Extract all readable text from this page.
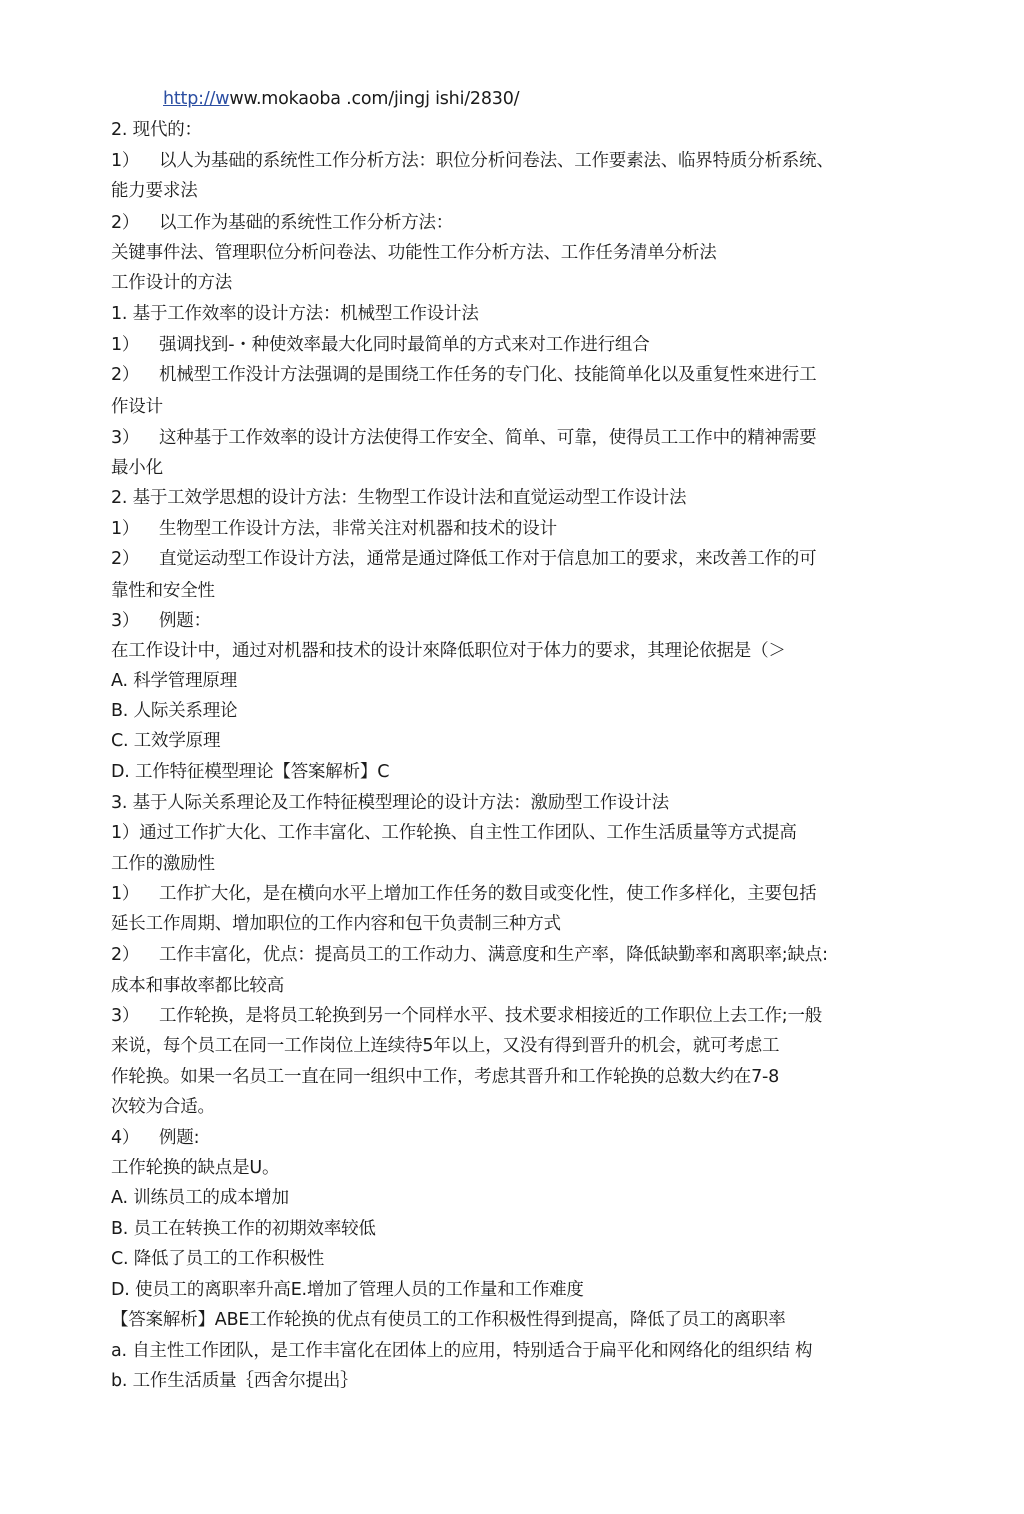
http://www.mokaoba .com/jingj ishi/2830/
2. 现代的：
1） 以人为基础的系统性工作分析方法：职位分析问卷法、工作要素法、临界特质分析系统、
能力要求法
2） 以工作为基础的系统性工作分析方法：
关键事件法、管理职位分析问卷法、功能性工作分析方法、工作任务清单分析法
工作设计的方法
1. 基于工作效率的设计方法：机械型工作设计法
1） 强调找到-・种使效率最大化同时最简单的方式来对工作进行组合
2） 机械型工作没计方法强调的是围绕工作任务的专门化、技能简单化以及重复性來进行工
作设计
3） 这种基于工作效率的设计方法使得工作安全、简单、可靠，使得员工工作中的精神需要
最小化
2. 基于工效学思想的设计方法：生物型工作设计法和直觉运动型工作设计法
1） 生物型工作设计方法，非常关注对机器和技术的设计
2） 直觉运动型工作设计方法，通常是通过降低工作对于信息加工的要求，来改善工作的可
靠性和安全性
3） 例题：
在工作设计中，通过对机器和技术的设计來降低职位对于体力的要求，其理论依据是（＞
A. 科学管理原理
B. 人际关系理论
C. 工效学原理
D. 工作特征模型理论【答案解析】C
3. 基于人际关系理论及工作特征模型理论的设计方法：激励型工作设计法
1）通过工作扩大化、工作丰富化、工作轮换、自主性工作团队、工作生活质量等方式提高
工作的激励性
1） 工作扩大化，是在横向水平上增加工作任务的数目或变化性，使工作多样化，主要包括
延长工作周期、增加职位的工作内容和包干负责制三种方式
2） 工作丰富化，优点：提高员工的工作动力、满意度和生产率，降低缺勤率和离职率;缺点:
成本和事故率都比较高
3） 工作轮换，是将员工轮换到另一个同样水平、技术要求相接近的工作职位上去工作;一般
来说，每个员工在同一工作岗位上连续待5年以上，又没有得到晋升的机会，就可考虑工
作轮换。如果一名员工一直在同一组织中工作，考虑其晋升和工作轮换的总数大约在7-8
次较为合适。
4） 例题:
工作轮换的缺点是U。
A. 训练员工的成本增加
B. 员工在转换工作的初期效率较低
C. 降低了员工的工作积极性
D. 使员工的离职率升高E.增加了管理人员的工作量和工作难度
【答案解析】ABE工作轮换的优点有使员工的工作积极性得到提高，降低了员工的离职率
a. 自主性工作团队，是工作丰富化在团体上的应用，特别适合于扁平化和网络化的组织结 构
b. 工作生活质量｛西舍尔提出｝
